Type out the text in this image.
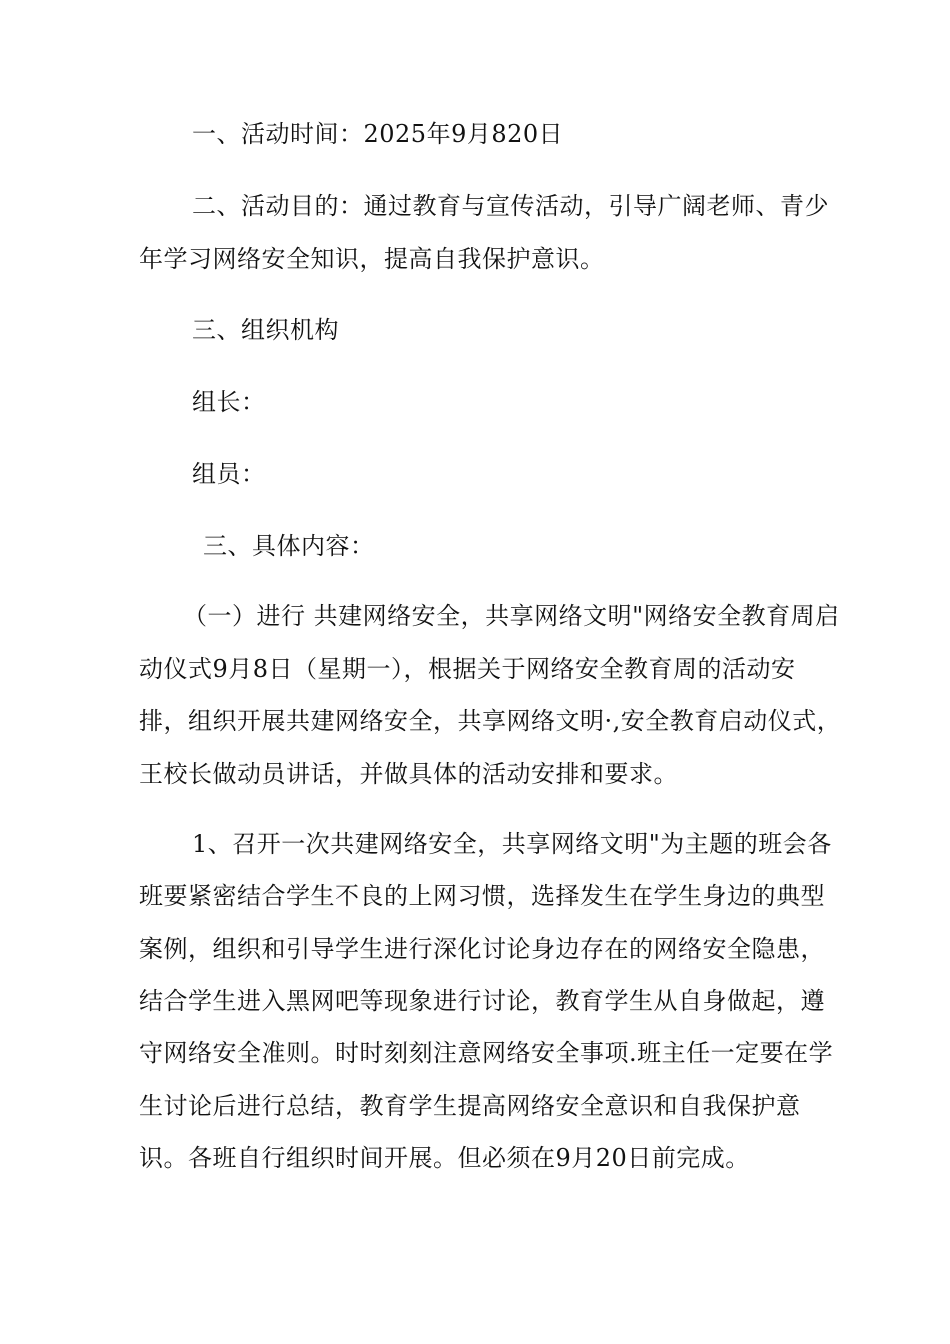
一、活动时间：2025年9月820日
二、活动目的：通过教育与宣传活动，引导广阔老师、青少
年学习网络安全知识，提高自我保护意识。
三、组织机构
组长：
组员：
三、具体内容：
（一）进行 共建网络安全，共享网络文明"网络安全教育周启
动仪式9月8日（星期一），根据关于网络安全教育周的活动安
排，组织开展共建网络安全，共享网络文明·,安全教育启动仪式，
王校长做动员讲话，并做具体的活动安排和要求。
1、召开一次共建网络安全，共享网络文明"为主题的班会各
班要紧密结合学生不良的上网习惯，选择发生在学生身边的典型
案例，组织和引导学生进行深化讨论身边存在的网络安全隐患，
结合学生进入黑网吧等现象进行讨论，教育学生从自身做起，遵
守网络安全准则。时时刻刻注意网络安全事项.班主任一定要在学
生讨论后进行总结，教育学生提高网络安全意识和自我保护意
识。各班自行组织时间开展。但必须在9月20日前完成。
